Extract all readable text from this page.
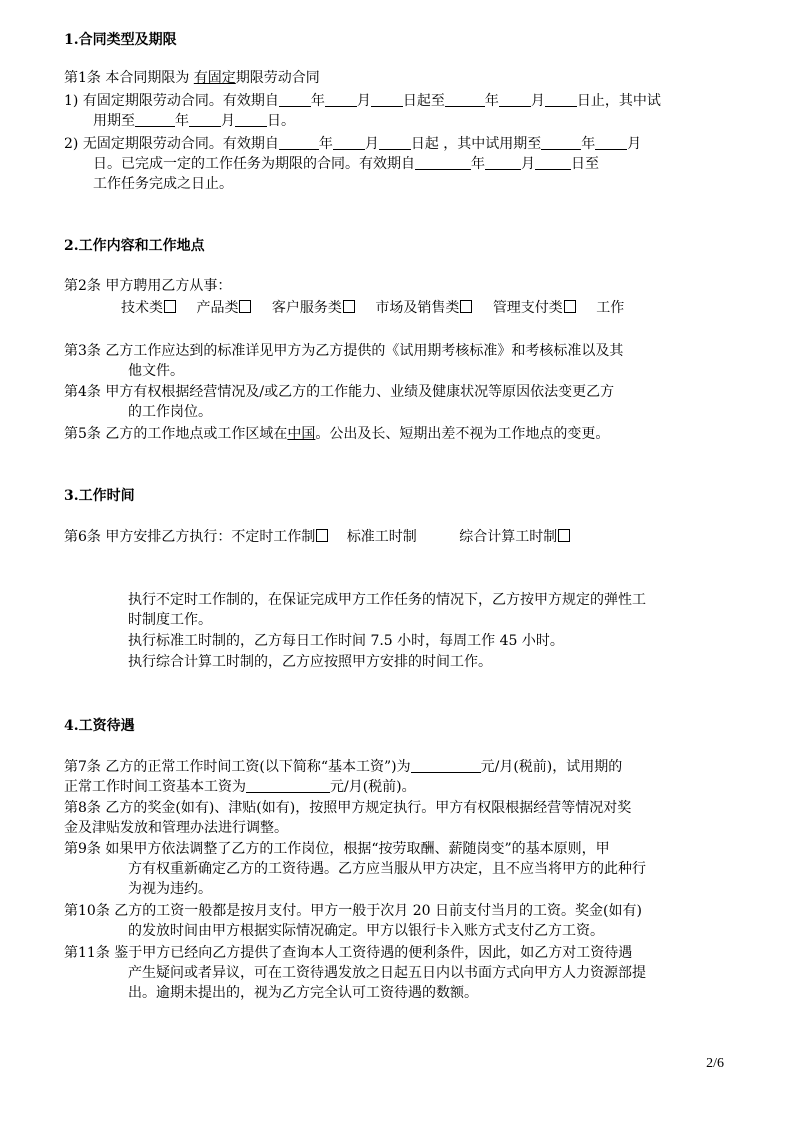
1.合同类型及期限
第1条 本合同期限为 有固定期限劳动合同
1) 有固定期限劳动合同。有效期自 年 月 日起至	年 月 日止，其中试
用期至	年 月 日。
2) 无固定期限劳动合同。有效期自	年 月 日起 ，其中试用期至	年 月
日。已完成一定的工作任务为期限的合同。有效期自	年	月	日至
工作任务完成之日止。
2.工作内容和工作地点
第2条 甲方聘用乙方从事：
技术类 产品类 客户服务类 市场及销售类 管理支付类 工作
第3条 乙方工作应达到的标准详见甲方为乙方提供的《试用期考核标准》和考核标准以及其
他文件。
第4条 甲方有权根据经营情况及/或乙方的工作能力、业绩及健康状况等原因依法变更乙方
的工作岗位。
第5条 乙方的工作地点或工作区域在中国。公出及长、短期出差不视为工作地点的变更。
3.工作时间
第6条 甲方安排乙方执行：不定时工作制 标准工时制	综合计算工时制
执行不定时工作制的，在保证完成甲方工作任务的情况下，乙方按甲方规定的弹性工
时制度工作。
执行标准工时制的，乙方每日工作时间 7.5 小时，每周工作 45 小时。
执行综合计算工时制的，乙方应按照甲方安排的时间工作。
4.工资待遇
第7条 乙方的正常工作时间工资(以下简称“基本工资”)为	元/月(税前)，试用期的
正常工作时间工资基本工资为	元/月(税前)。
第8条 乙方的奖金(如有)、津贴(如有)，按照甲方规定执行。甲方有权限根据经营等情况对奖
金及津贴发放和管理办法进行调整。
第9条 如果甲方依法调整了乙方的工作岗位，根据“按劳取酬、薪随岗变”的基本原则，甲
方有权重新确定乙方的工资待遇。乙方应当服从甲方决定，且不应当将甲方的此种行
为视为违约。
第10条 乙方的工资一般都是按月支付。甲方一般于次月 20 日前支付当月的工资。奖金(如有)
的发放时间由甲方根据实际情况确定。甲方以银行卡入账方式支付乙方工资。
第11条 鉴于甲方已经向乙方提供了查询本人工资待遇的便利条件，因此，如乙方对工资待遇
产生疑问或者异议，可在工资待遇发放之日起五日内以书面方式向甲方人力资源部提
出。逾期未提出的，视为乙方完全认可工资待遇的数额。
2/6
